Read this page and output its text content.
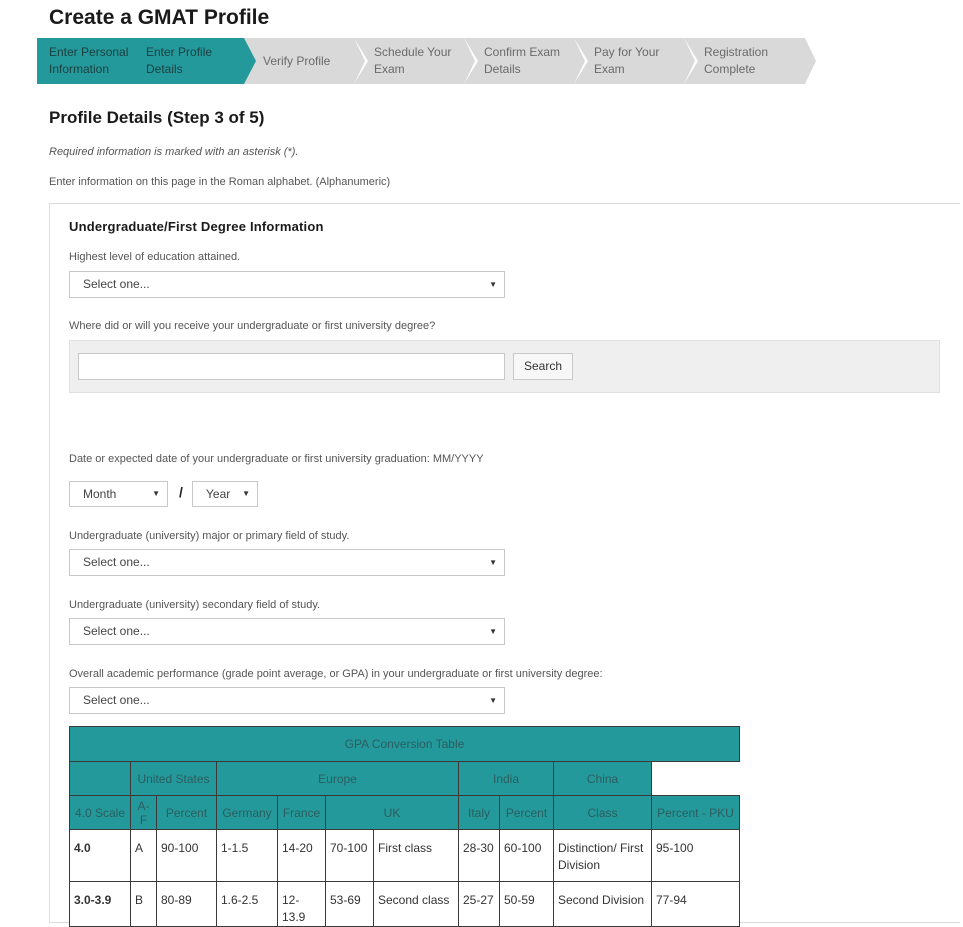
Create a GMAT Profile
Enter Personal Information
Enter Profile Details
Verify Profile
Schedule Your Exam
Confirm Exam Details
Pay for Your Exam
Registration Complete
Profile Details (Step 3 of 5)
Required information is marked with an asterisk (*).
Enter information on this page in the Roman alphabet. (Alphanumeric)
Undergraduate/First Degree Information
Highest level of education attained.
Select one...	▼
Where did or will you receive your undergraduate or first university degree?
Search
Date or expected date of your undergraduate or first university graduation: MM/YYYY
Month	▼ /	Year ▼
Undergraduate (university) major or primary field of study.
Select one...	▼
Undergraduate (university) secondary field of study.
Select one...	▼
Overall academic performance (grade point average, or GPA) in your undergraduate or first university degree:
Select one...	▼
GPA Conversion Table										
	United States		Europe				India		China	
4.0 Scale	A-F	Percent	Germany	France	UK		Italy	Percent	Class	Percent - PKU
4.0	A	90-100	1-1.5	14-20	70-100	First class	28-30	60-100	Distinction/ First Division	95-100
3.0-3.9	B	80-89	1.6-2.5	12-13.9	53-69	Second class	25-27	50-59	Second Division	77-94
